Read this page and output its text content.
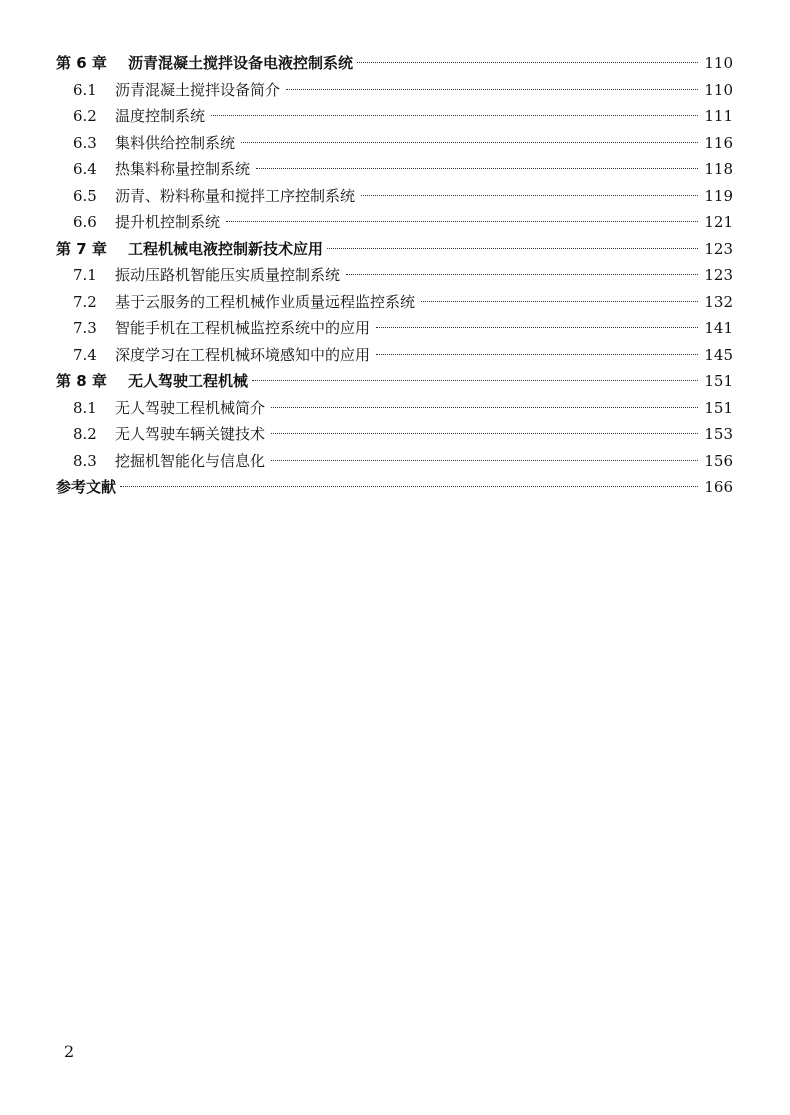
第 6 章	沥青混凝土搅拌设备电液控制系统	110
6.1	沥青混凝土搅拌设备简介	110
6.2	温度控制系统	111
6.3	集料供给控制系统	116
6.4	热集料称量控制系统	118
6.5	沥青、粉料称量和搅拌工序控制系统	119
6.6	提升机控制系统	121
第 7 章	工程机械电液控制新技术应用	123
7.1	振动压路机智能压实质量控制系统	123
7.2	基于云服务的工程机械作业质量远程监控系统	132
7.3	智能手机在工程机械监控系统中的应用	141
7.4	深度学习在工程机械环境感知中的应用	145
第 8 章	无人驾驶工程机械	151
8.1	无人驾驶工程机械简介	151
8.2	无人驾驶车辆关键技术	153
8.3	挖掘机智能化与信息化	156
参考文献	166
2
